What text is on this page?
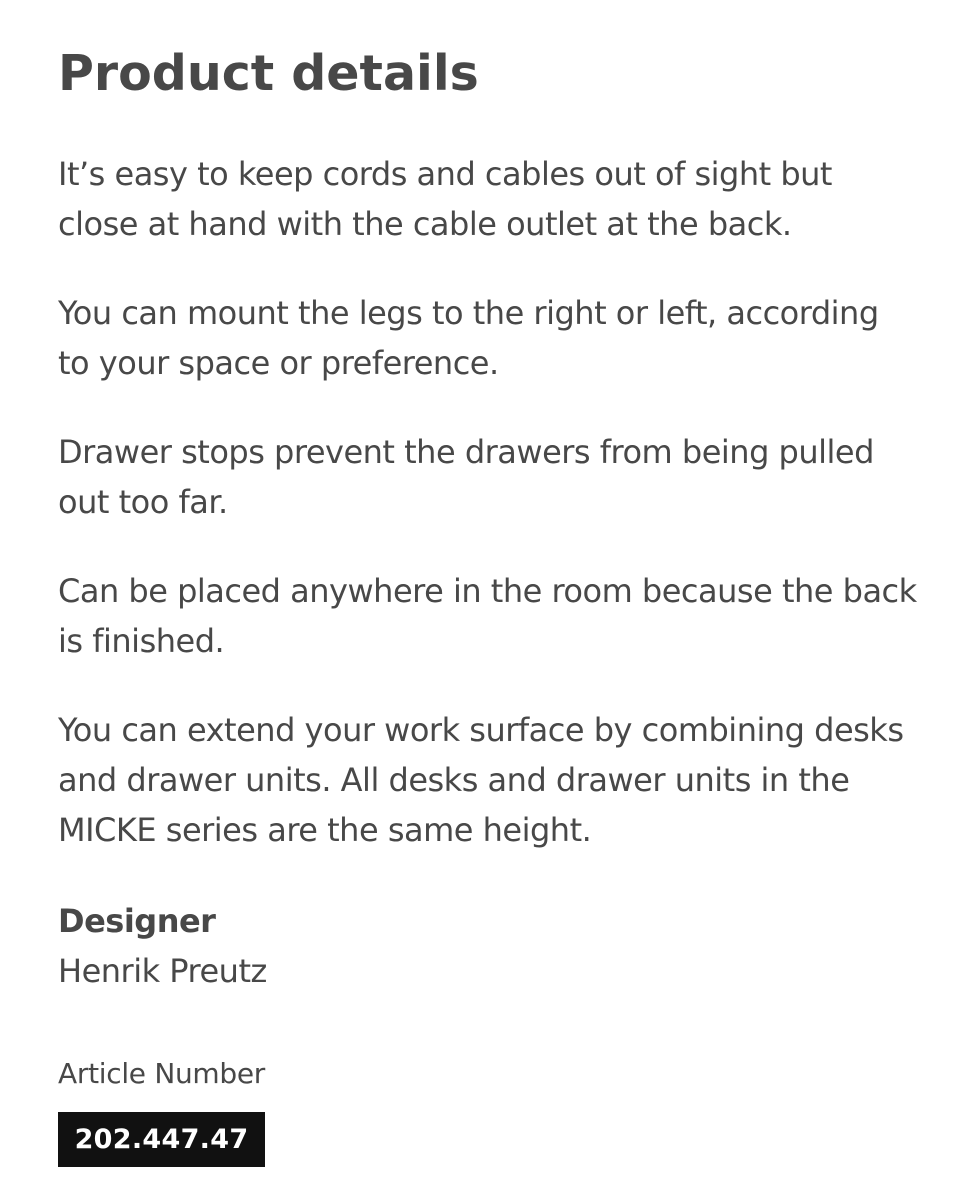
Product details

It’s easy to keep cords and cables out of sight but close at hand with the cable outlet at the back.

You can mount the legs to the right or left, according to your space or preference.

Drawer stops prevent the drawers from being pulled out too far.

Can be placed anywhere in the room because the back is finished.

You can extend your work surface by combining desks and drawer units. All desks and drawer units in the MICKE series are the same height.

Designer
Henrik Preutz
Article Number
202.447.47
